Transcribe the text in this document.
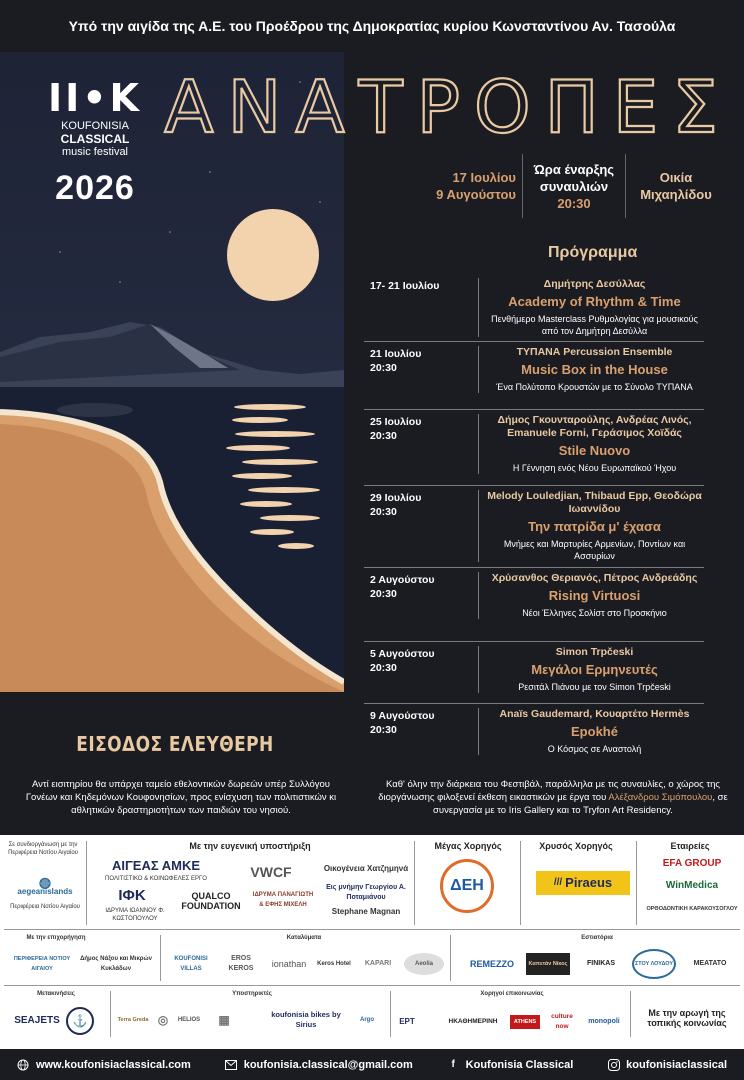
Υπό την αιγίδα της Α.Ε. του Προέδρου της Δημοκρατίας κυρίου Κωνσταντίνου Αν. Τασούλα
II•K
KOUFONISIA
CLASSICAL
music festival
2026
ΑΝΑΤΡΟΠΕΣ
17 Ιουλίου
9 Αυγούστου
Ώρα έναρξης
συναυλιών
20:30
Οικία
Μιχαηλίδου
Πρόγραμμα
17- 21 Ιουλίου	Δημήτρης Δεσύλλας
Academy of Rhythm & Time
Πενθήμερο Masterclass Ρυθμολογίας για μουσικούς από τον Δημήτρη Δεσύλλα
21 Ιουλίου
20:30
ΤΥΠΑΝΑ Percussion Ensemble
Music Box in the House
Ένα Πολύτοπο Κρουστών με το Σύνολο ΤΥΠΑΝΑ
25 Ιουλίου
20:30
Δήμος Γκουνταρούλης, Ανδρέας Λινός, Emanuele Forni, Γεράσιμος Χοϊδάς
Stile Nuovo
Η Γέννηση ενός Νέου Ευρωπαϊκού Ήχου
29 Ιουλίου
20:30
Melody Louledjian, Thibaud Epp, Θεοδώρα Ιωαννίδου
Την πατρίδα μ' έχασα
Μνήμες και Μαρτυρίες Αρμενίων, Ποντίων και Ασσυρίων
2 Αυγούστου
20:30
Χρύσανθος Θεριανός, Πέτρος Ανδρεάδης
Rising Virtuosi
Νέοι Έλληνες Σολίστ στο Προσκήνιο
5 Αυγούστου
20:30
Simon Trpčeski
Μεγάλοι Ερμηνευτές
Ρεσιτάλ Πιάνου με τον Simon Trpčeski
9 Αυγούστου
20:30
Anaïs Gaudemard, Κουαρτέτο Hermès
Epokhé
Ο Κόσμος σε Αναστολή
ΕΙΣΟΔΟΣ ΕΛΕΥΘΕΡΗ
Αντί εισιτηρίου θα υπάρχει ταμείο εθελοντικών δωρεών υπέρ Συλλόγου Γονέων και Κηδεμόνων Κουφονησίων, προς ενίσχυση των πολιτιστικών κι αθλητικών δραστηριοτήτων των παιδιών του νησιού.
Καθ' όλην την διάρκεια του Φεστιβάλ, παράλληλα με τις συναυλίες, ο χώρος της διοργάνωσης φιλοξενεί έκθεση εικαστικών με έργα του Αλέξανδρου Σιμόπουλου, σε συνεργασία με το Iris Gallery και το Tryfon Art Residency.
Σε συνδιοργάνωση με την Περιφέρεια Νοτίου Αιγαίου
◍
aegeanislands
Περιφέρεια Νοτίου Αιγαίου
Με την ευγενική υποστήριξη
ΑΙΓΕΑΣ ΑΜΚΕ
ΠΟΛΙΤΙΣΤΙΚΟ & ΚΟΙΝΩΦΕΛΕΣ ΕΡΓΟ	VWCF	Οικογένεια Χατζημηνά
ΙΦΚ
ΙΔΡΥΜΑ ΙΩΑΝΝΟΥ Φ. ΚΩΣΤΟΠΟΥΛΟΥ
QUALCO FOUNDATION
ΙΔΡΥΜΑ ΠΑΝΑΓΙΩΤΗ & ΕΦΗΣ ΜΙΧΕΛΗ
Εις μνήμην Γεωργίου Α. Ποταμιάνου
Stephane Magnan
Μέγας Χορηγός
ΔΕΗ
Χρυσός Χορηγός
/// Piraeus
Εταιρείες
EFA GROUP
WinMedica
ΟΡΘΟΔΟΝΤΙΚΗ ΚΑΡΑΚΟΥΣΟΓΛΟΥ
Με την επιχορήγηση
ΠΕΡΙΦΕΡΕΙΑ ΝΟΤΙΟΥ ΑΙΓΑΙΟΥ
Δήμος Νάξου και Μικρών Κυκλάδων
Καταλύματα
KOUFONISI VILLAS
EROS KEROS	ionathan	Keros Hotel	KAPARI	Aeolia
Εστιατόρια
REMEZZO	Καπετάν Νίκος	FINIKAS	ΣΤΟΥ ΛΟΥΔΟΥ	ΜΕΑΤΑΤΟ
Μετακινήσεις
SEAJETS	⚓
Υποστηρικτές
Terra Greda ◎	HELIOS	▦	koufonisia bikes by Sirius	Argo
Χορηγοί επικοινωνίας
ΕΡΤ	ΗΚΑΘΗΜΕΡΙΝΗ	ATHENS
culture now
monopoli
Με την αρωγή της τοπικής κοινωνίας
www.koufonisiaclassical.com	koufonisia.classical@gmail.com	f Koufonisia Classical	koufonisiaclassical
